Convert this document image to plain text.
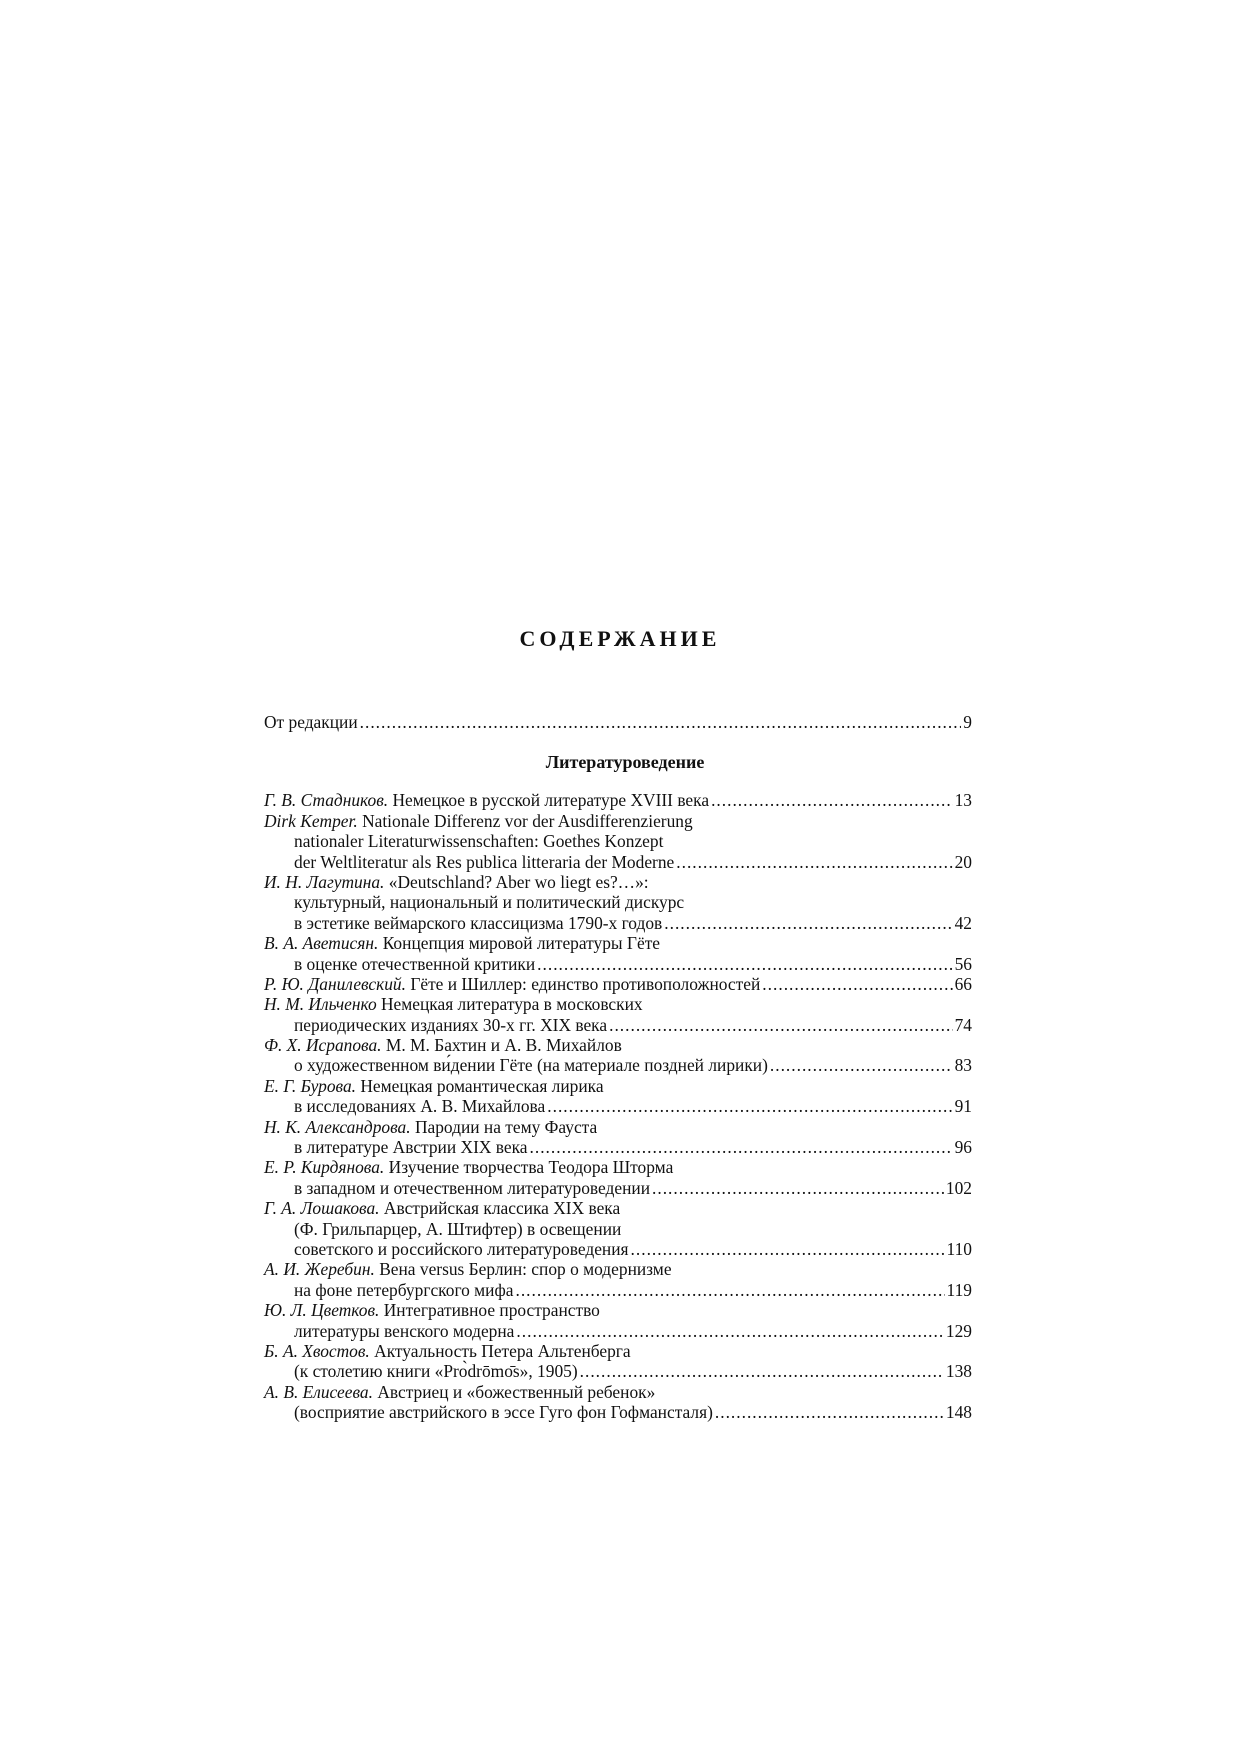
СОДЕРЖАНИЕ
От редакции .....	9
Литературоведение
Г. В. Стадников. Немецкое в русской литературе XVIII века .....	13
Dirk Kemper. Nationale Differenz vor der Ausdifferenzierung
nationaler Literaturwissenschaften: Goethes Konzept
der Weltliteratur als Res publica litteraria der Moderne .....	20
И. Н. Лагутина. «Deutschland? Aber wo liegt es?…»:
культурный, национальный и политический дискурс
в эстетике веймарского классицизма 1790-х годов .....	42
В. А. Аветисян. Концепция мировой литературы Гёте
в оценке отечественной критики .....	56
Р. Ю. Данилевский. Гёте и Шиллер: единство противоположностей .....	66
Н. М. Ильченко Немецкая литература в московских
периодических изданиях 30-х гг. XIX века .....	74
Ф. Х. Исрапова. М. М. Бахтин и А. В. Михайлов
о художественном ви́дении Гёте (на материале поздней лирики) .....	83
Е. Г. Бурова. Немецкая романтическая лирика
в исследованиях А. В. Михайлова .....	91
Н. К. Александрова. Пародии на тему Фауста
в литературе Австрии XIX века .....	96
Е. Р. Кирдянова. Изучение творчества Теодора Шторма
в западном и отечественном литературоведении .....	102
Г. А. Лошакова. Австрийская классика XIX века
(Ф. Грильпарцер, А. Штифтер) в освещении
советского и российского литературоведения .....	110
А. И. Жеребин. Вена versus Берлин: спор о модернизме
на фоне петербургского мифа .....	119
Ю. Л. Цветков. Интегративное пространство
литературы венского модерна .....	129
Б. А. Хвостов. Актуальность Петера Альтенберга
(к столетию книги «Prо̀drōmо̄s», 1905) .....	138
А. В. Елисеева. Австриец и «божественный ребенок»
(восприятие австрийского в эссе Гуго фон Гофмансталя) .....	148
